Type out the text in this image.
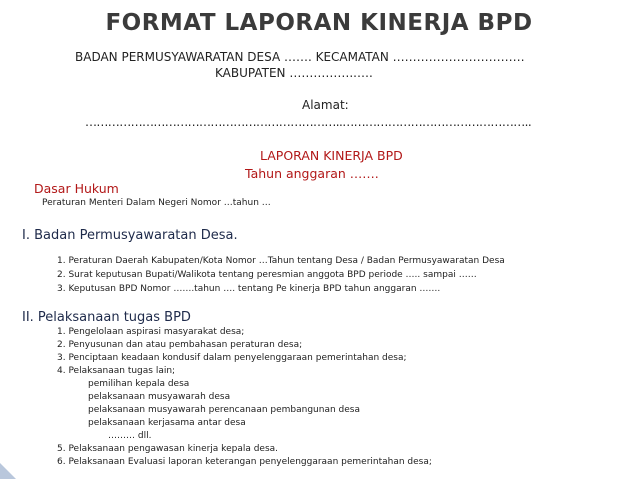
FORMAT LAPORAN KINERJA BPD
BADAN PERMUSYAWARATAN DESA ……. KECAMATAN ……………………………
KABUPATEN ……………..….
Alamat:
…………………………………………………………..…………………………………………..
LAPORAN KINERJA BPD
Tahun anggaran …….
Dasar Hukum
Peraturan Menteri Dalam Negeri Nomor …tahun …
I. Badan Permusyawaratan Desa.
1. Peraturan Daerah Kabupaten/Kota Nomor …Tahun tentang Desa / Badan Permusyawaratan Desa
2. Surat keputusan Bupati/Walikota tentang peresmian anggota BPD periode ….. sampai ……
3. Keputusan BPD Nomor …….tahun …. tentang Pe kinerja BPD tahun anggaran …….
II. Pelaksanaan tugas BPD
1. Pengelolaan aspirasi masyarakat desa;
2. Penyusunan dan atau pembahasan peraturan desa;
3. Penciptaan keadaan kondusif dalam penyelenggaraan pemerintahan desa;
4. Pelaksanaan tugas lain;
pemilihan kepala desa
pelaksanaan musyawarah desa
pelaksanaan musyawarah perencanaan pembangunan desa
pelaksanaan kerjasama antar desa
……… dll.
5. Pelaksanaan pengawasan kinerja kepala desa.
6. Pelaksanaan Evaluasi laporan keterangan penyelenggaraan pemerintahan desa;
